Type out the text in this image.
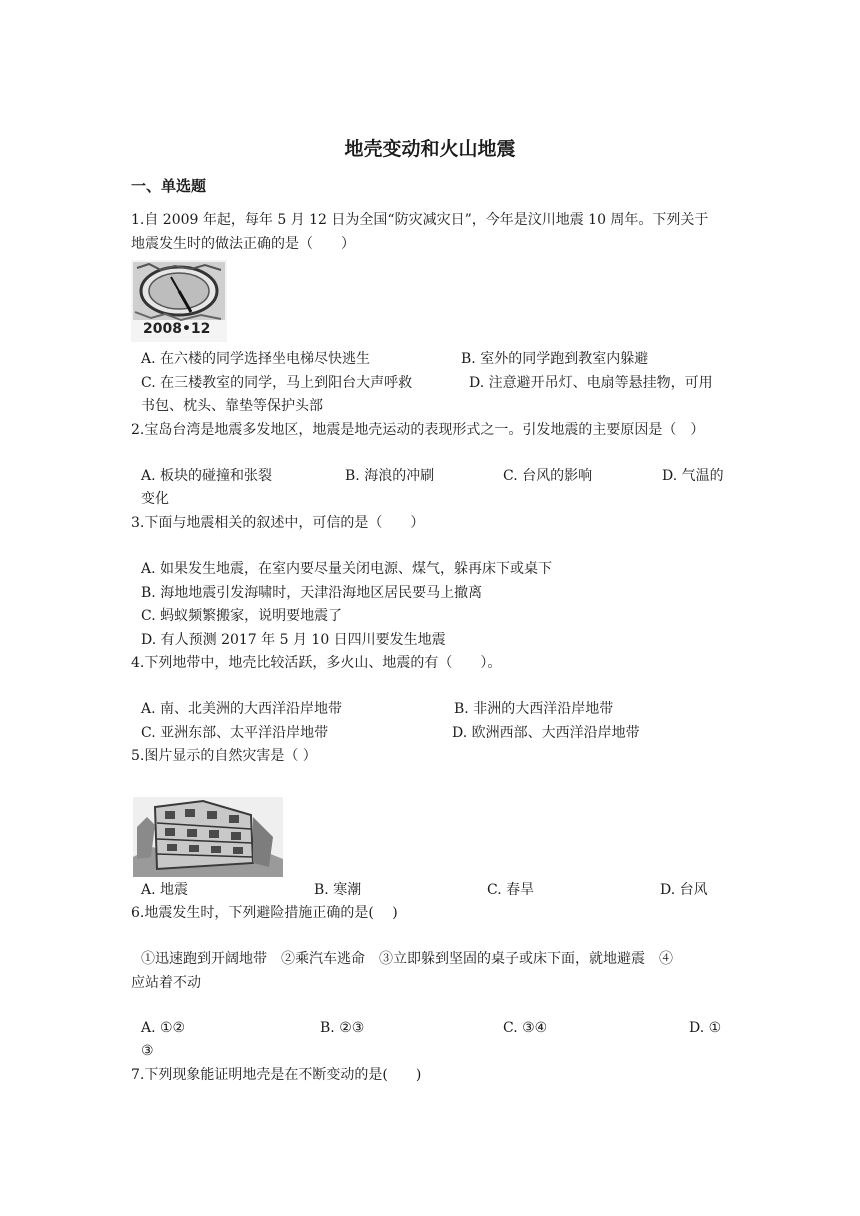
地壳变动和火山地震
一、单选题
1.自 2009 年起，每年 5 月 12 日为全国“防灾减灾日”，今年是汶川地震 10 周年。下列关于
地震发生时的做法正确的是（　　）
2008•12
A. 在六楼的同学选择坐电梯尽快逃生	B. 室外的同学跑到教室内躲避
C. 在三楼教室的同学，马上到阳台大声呼救	D. 注意避开吊灯、电扇等悬挂物，可用
书包、枕头、靠垫等保护头部
2.宝岛台湾是地震多发地区，地震是地壳运动的表现形式之一。引发地震的主要原因是（　）
A. 板块的碰撞和张裂	B. 海浪的冲刷	C. 台风的影响	D. 气温的
变化
3.下面与地震相关的叙述中，可信的是（　　）
A. 如果发生地震，在室内要尽量关闭电源、煤气，躲再床下或桌下
B. 海地地震引发海啸时，天津沿海地区居民要马上撤离
C. 蚂蚁频繁搬家，说明要地震了
D. 有人预测 2017 年 5 月 10 日四川要发生地震
4.下列地带中，地壳比较活跃，多火山、地震的有（　　）。
A. 南、北美洲的大西洋沿岸地带	B. 非洲的大西洋沿岸地带
C. 亚洲东部、太平洋沿岸地带	D. 欧洲西部、大西洋沿岸地带
5.图片显示的自然灾害是（ ）
A. 地震	B. 寒潮	C. 春旱	D. 台风
6.地震发生时，下列避险措施正确的是(　 )
①迅速跑到开阔地带　②乘汽车逃命　③立即躲到坚固的桌子或床下面，就地避震　④
应站着不动
A. ①②	B. ②③	C. ③④	D. ①
③
7.下列现象能证明地壳是在不断变动的是(　　)
